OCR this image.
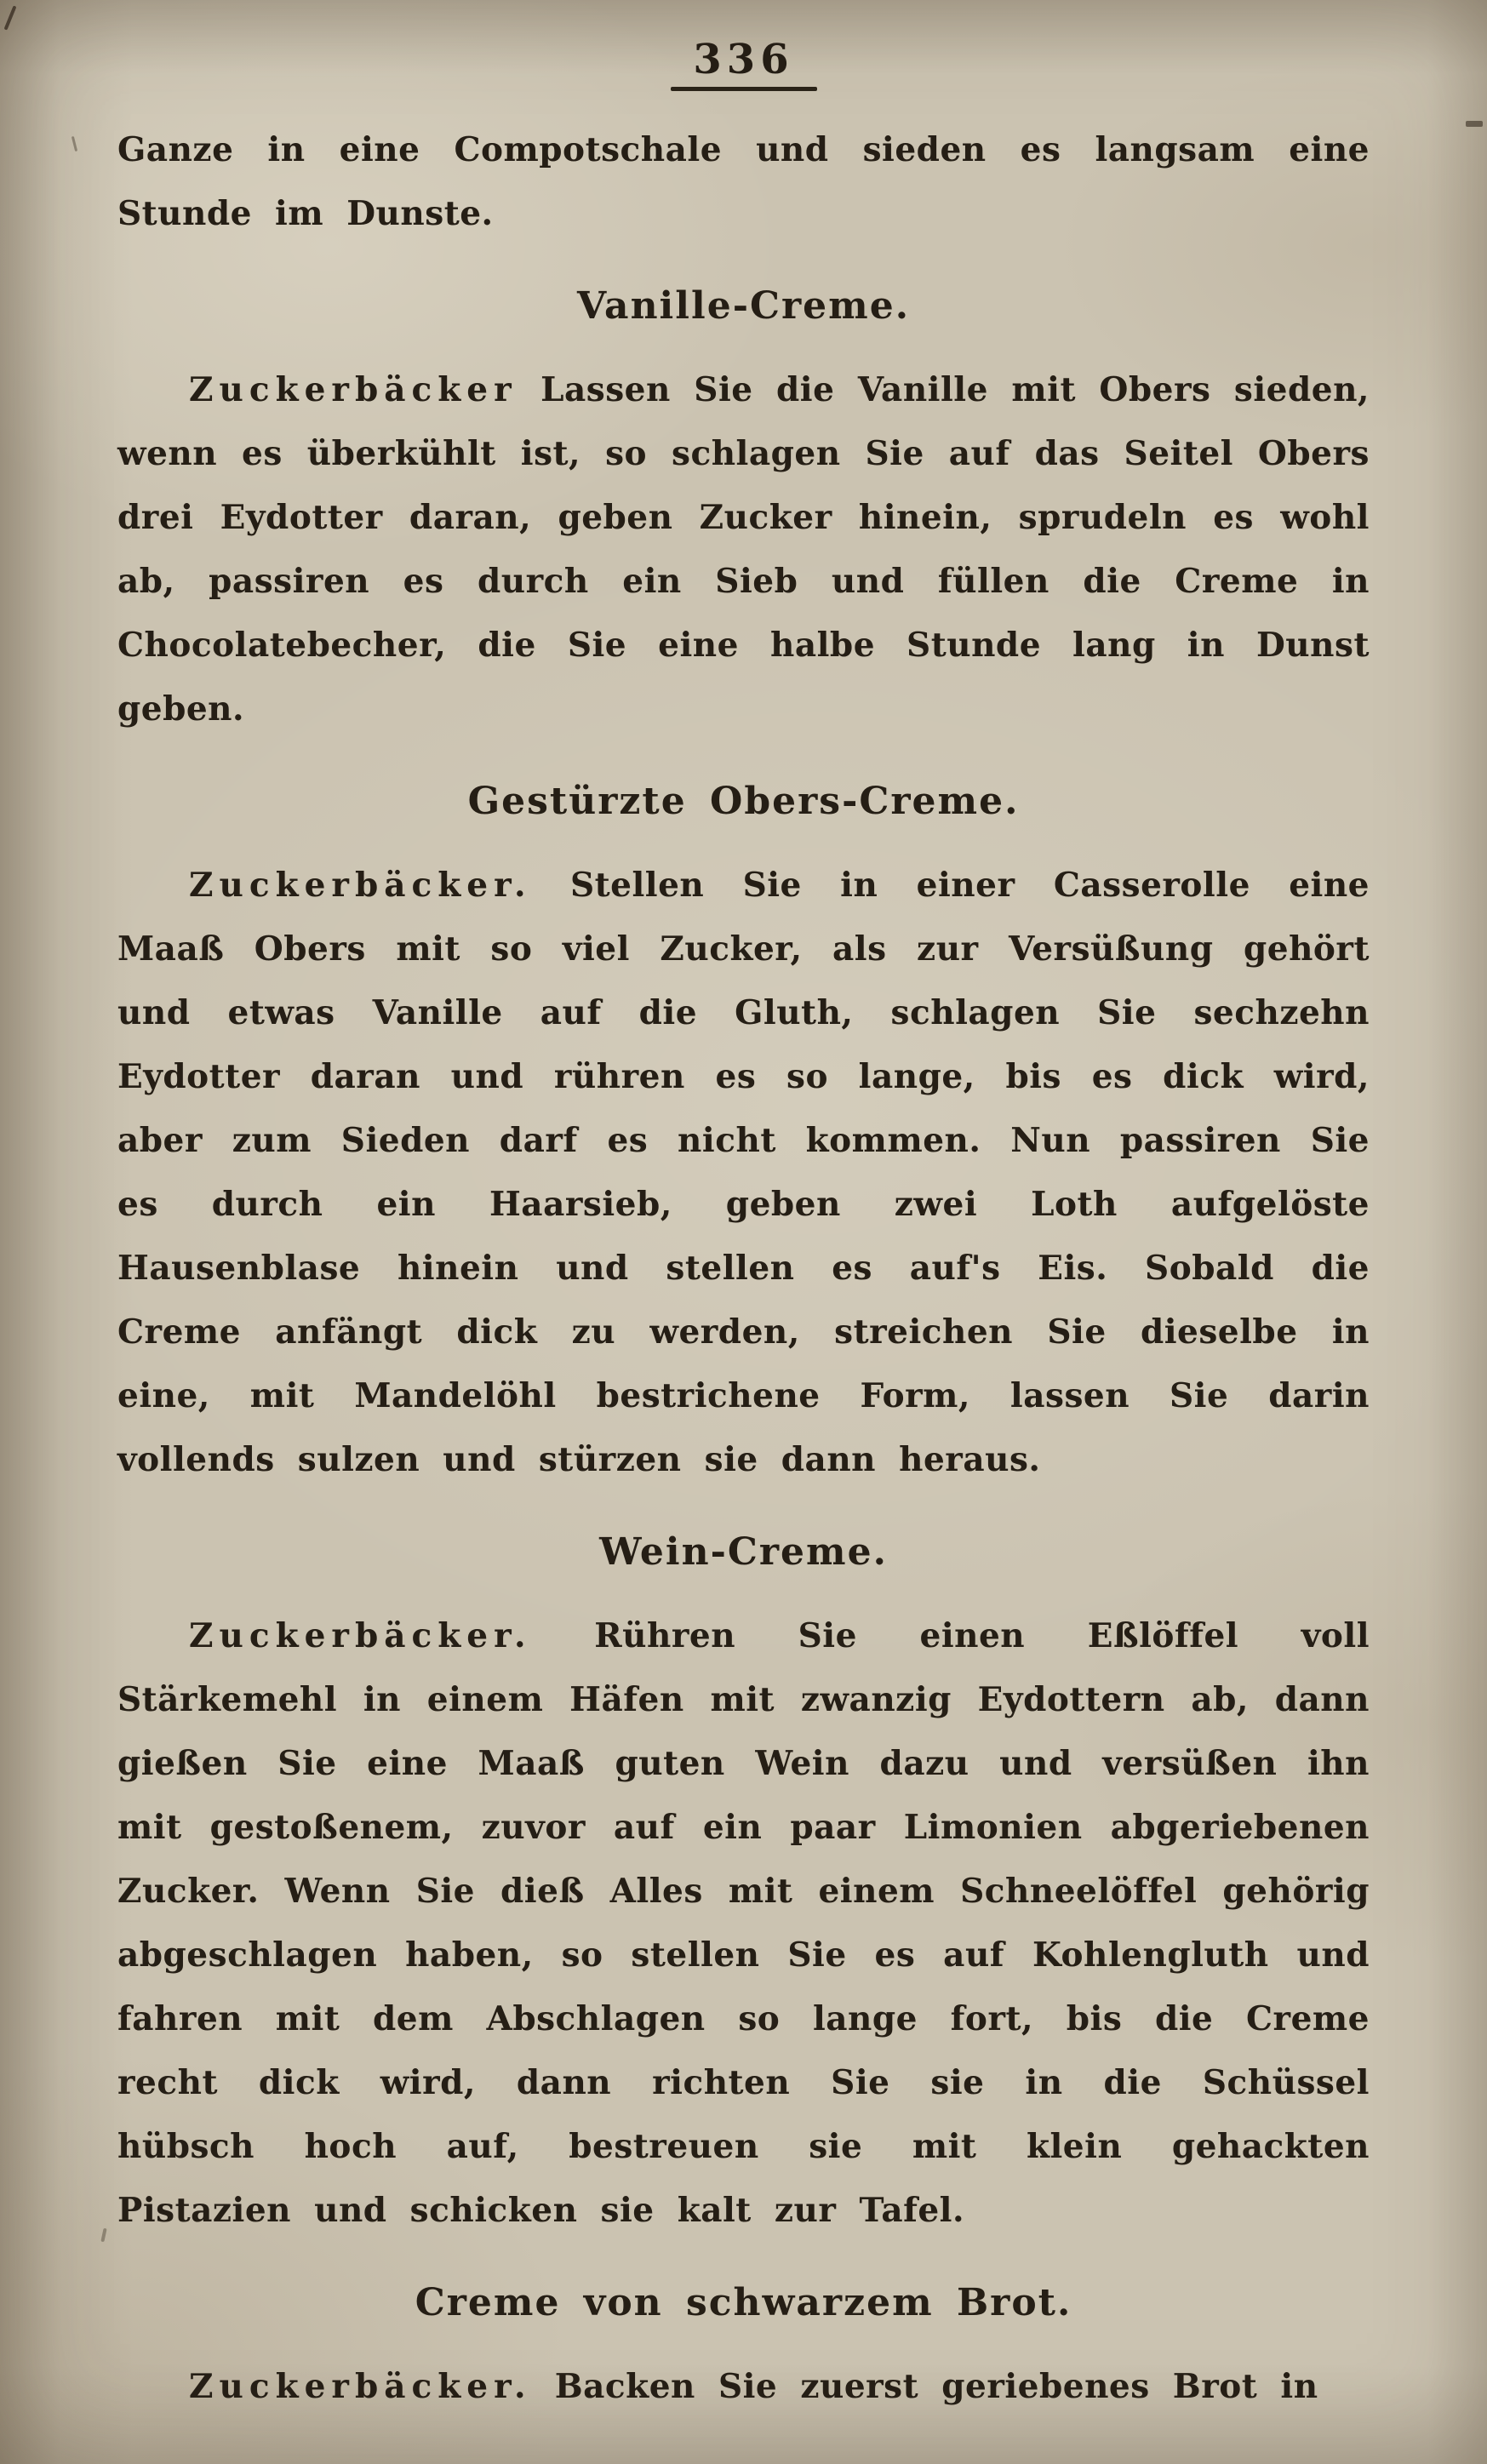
336

Ganze in eine Compotschale und sieden es langsam eine Stunde im Dunste.

Vanille-Creme.

Zuckerbäcker Lassen Sie die Vanille mit Obers sieden, wenn es überkühlt ist, so schlagen Sie auf das Seitel Obers drei Eydotter daran, geben Zucker hinein, sprudeln es wohl ab, passiren es durch ein Sieb und füllen die Creme in Chocolatebecher, die Sie eine halbe Stunde lang in Dunst geben.

Gestürzte Obers-Creme.

Zuckerbäcker. Stellen Sie in einer Casserolle eine Maaß Obers mit so viel Zucker, als zur Versüßung gehört und etwas Vanille auf die Gluth, schlagen Sie sechzehn Eydotter daran und rühren es so lange, bis es dick wird, aber zum Sieden darf es nicht kommen. Nun passiren Sie es durch ein Haarsieb, geben zwei Loth aufgelöste Hausenblase hinein und stellen es auf's Eis. Sobald die Creme anfängt dick zu werden, streichen Sie dieselbe in eine, mit Mandelöhl bestrichene Form, lassen Sie darin vollends sulzen und stürzen sie dann heraus.

Wein-Creme.

Zuckerbäcker. Rühren Sie einen Eßlöffel voll Stärkemehl in einem Häfen mit zwanzig Eydottern ab, dann gießen Sie eine Maaß guten Wein dazu und versüßen ihn mit gestoßenem, zuvor auf ein paar Limonien abgeriebenen Zucker. Wenn Sie dieß Alles mit einem Schneelöffel gehörig abgeschlagen haben, so stellen Sie es auf Kohlengluth und fahren mit dem Abschlagen so lange fort, bis die Creme recht dick wird, dann richten Sie sie in die Schüssel hübsch hoch auf, bestreuen sie mit klein gehackten Pistazien und schicken sie kalt zur Tafel.

Creme von schwarzem Brot.

Zuckerbäcker. Backen Sie zuerst geriebenes Brot in
